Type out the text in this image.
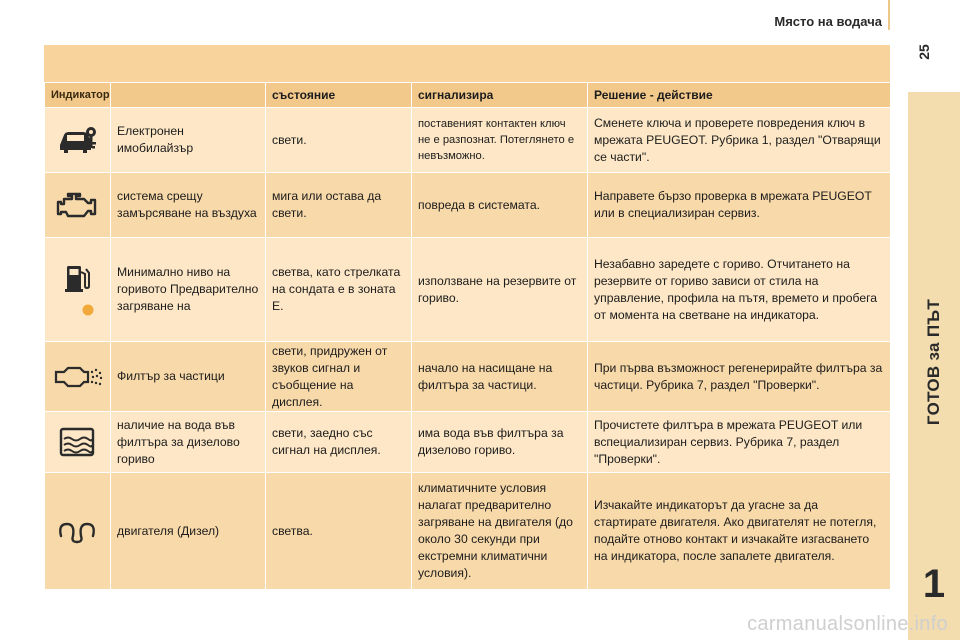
Място на водача
25
ГОТОВ за ПЪТ
1
carmanualsonline.info
Индикатор		състояние	сигнализира	Решение - действие

	Електронен имобилайзър	свети.	поставеният контактен ключ не е разпознат. Потеглянето е невъзможно.	Сменете ключа и проверете повредения ключ в мрежата PEUGEOT. Рубрика 1, раздел "Отварящи се части".

	система срещу замърсяване на въздуха	мига или остава да свети.	повреда в системата.	Направете бързо проверка в мрежата PEUGEOT или в специализиран сервиз.

	Минимално ниво на горивото Предварително загряване на	светва, като стрелката на сондата е в зоната E.	използване на резервите от гориво.	Незабавно заредете с гориво. Отчитането на резервите от гориво зависи от стила на управление, профила на пътя, времето и пробега от момента на светване на индикатора.

	Филтър за частици	свети, придружен от звуков сигнал и съобщение на дисплея.	начало на насищане на филтъра за частици.	При първа възможност регенерирайте филтъра за частици. Рубрика 7, раздел "Проверки".

	наличие на вода във филтъра за дизелово гориво	свети, заедно със сигнал на дисплея.	има вода във филтъра за дизелово гориво.	Прочистете филтъра в мрежата PEUGEOT или вспециализиран сервиз. Рубрика 7, раздел "Проверки".

	двигателя (Дизел)	светва.	климатичните условия налагат предварително загряване на двигателя (до около 30 секунди при екстремни климатични условия).	Изчакайте индикаторът да угасне за да стартирате двигателя. Ако двигателят не потегля, подайте отново контакт и изчакайте изгасването на индикатора, после запалете двигателя.
